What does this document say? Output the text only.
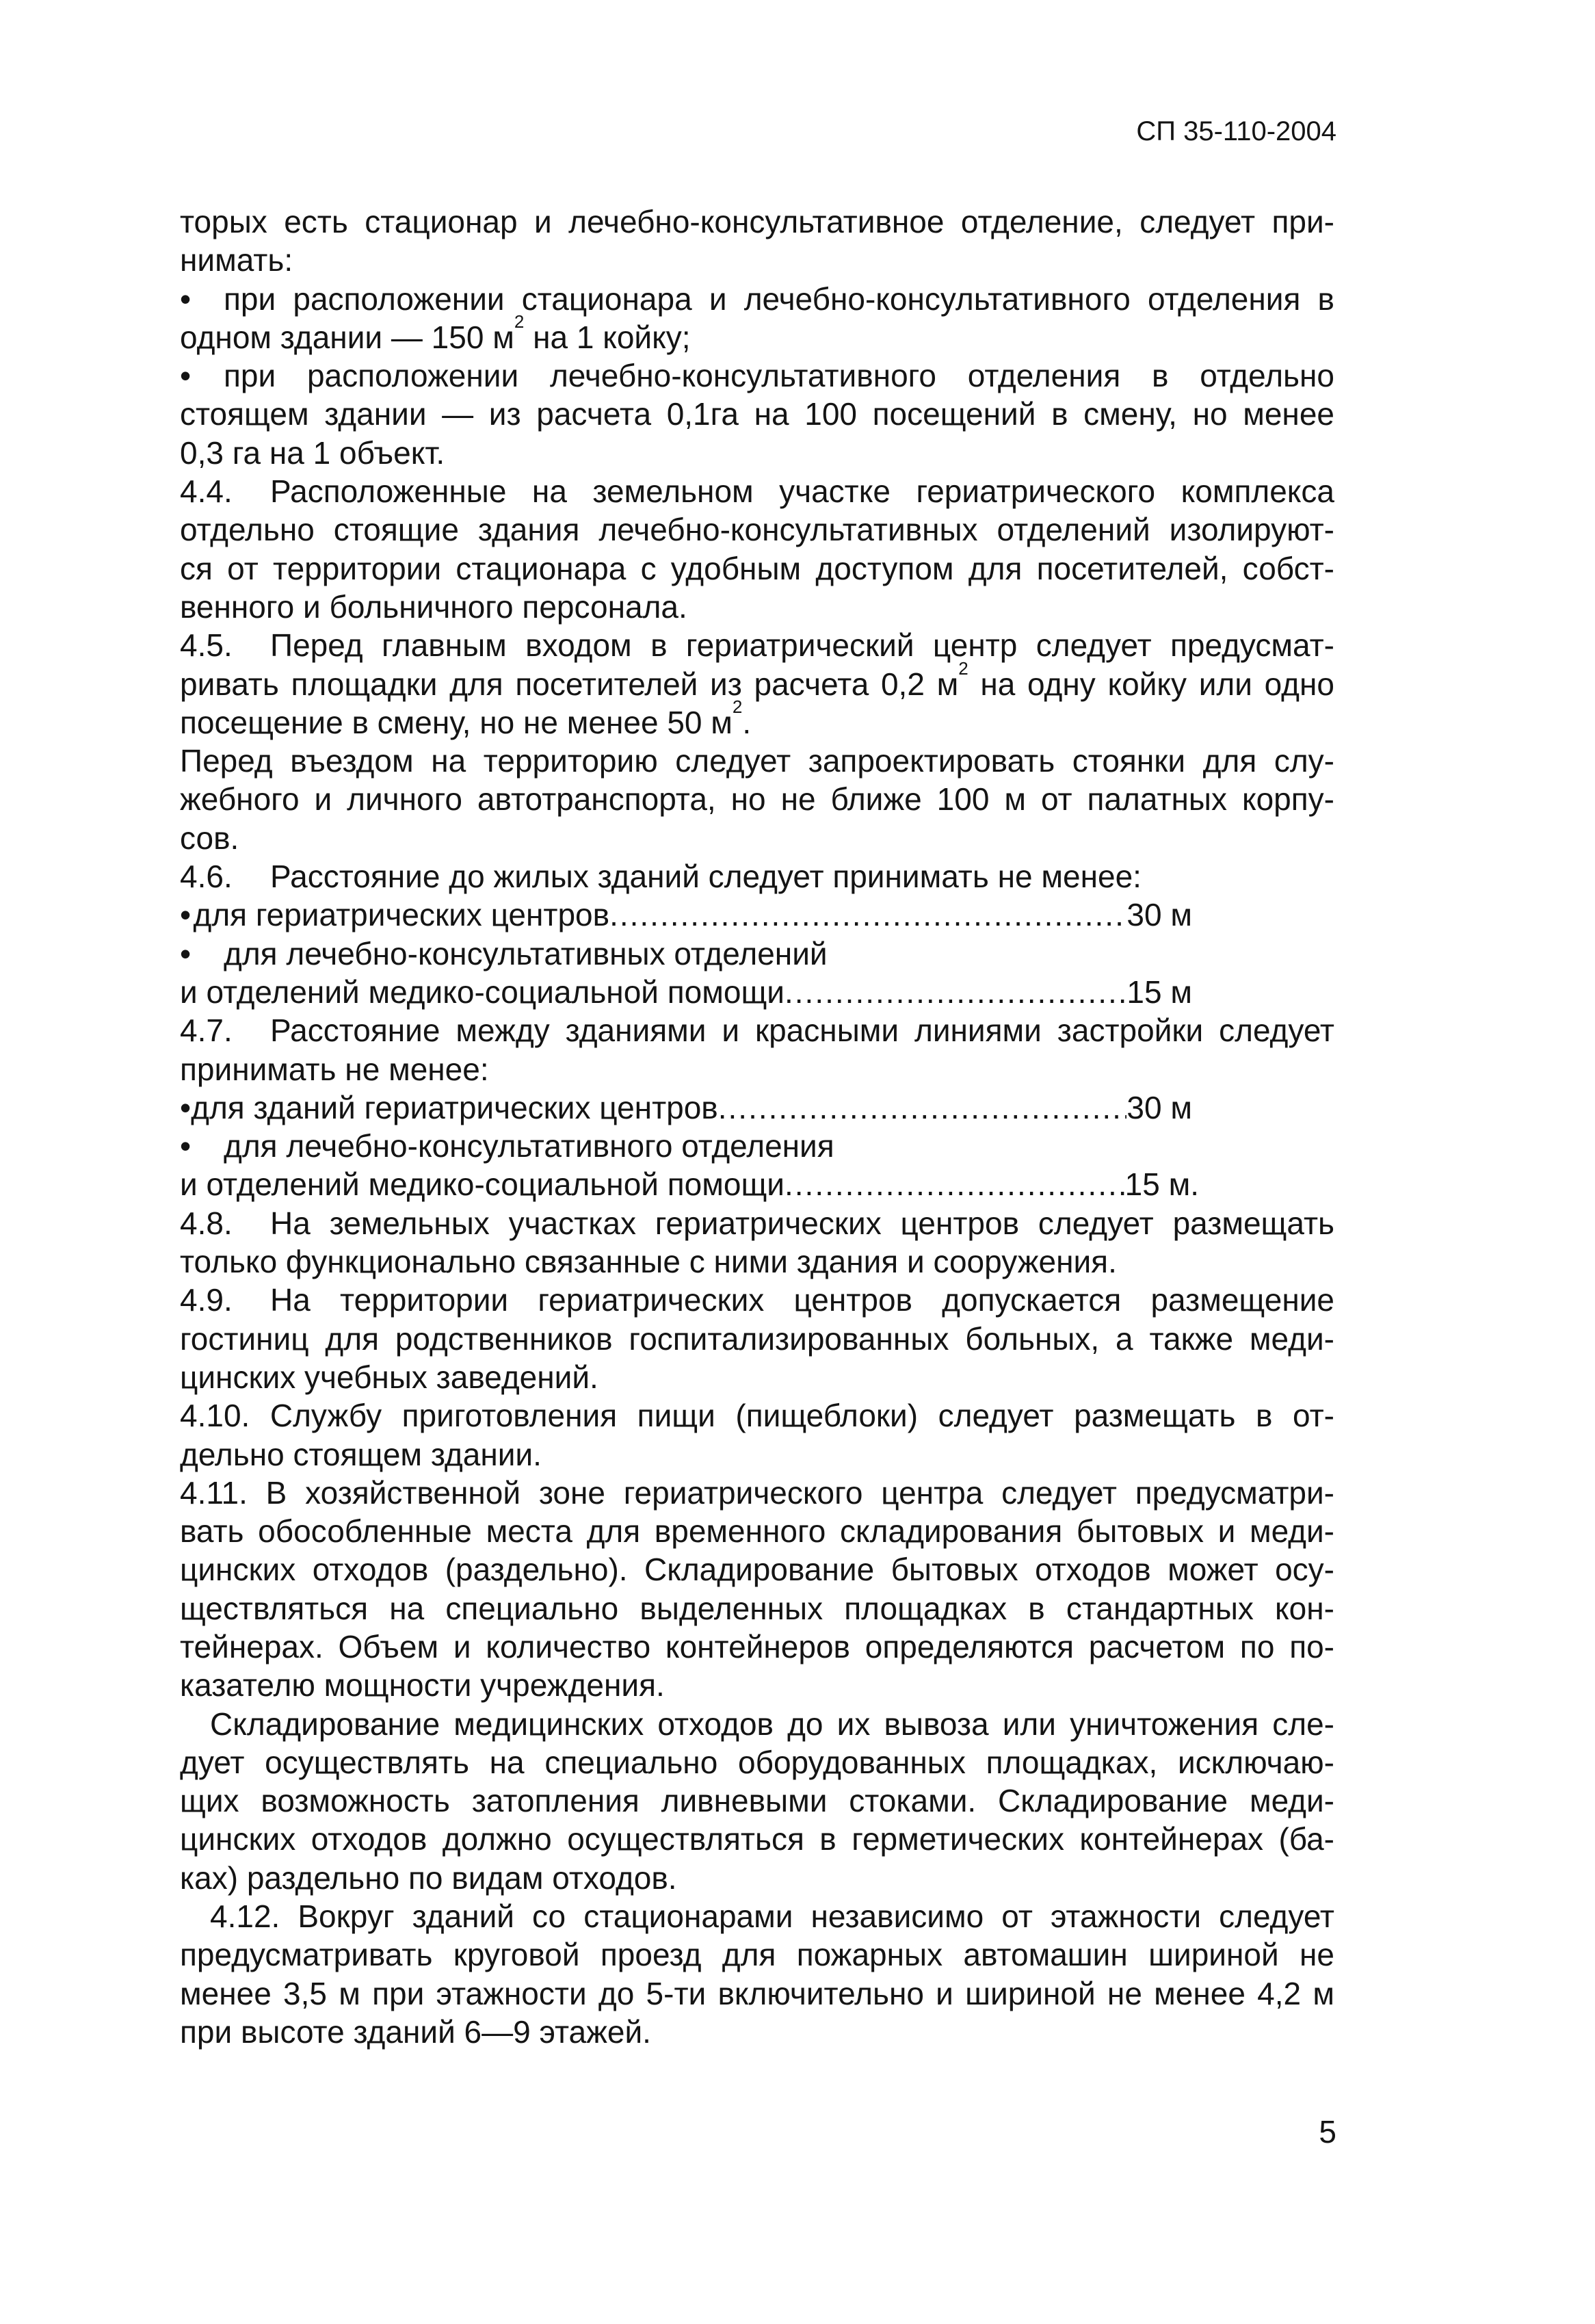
СП 35-110-2004
торых есть стационар и лечебно-консультативное отделение, следует при-
нимать:
• при расположении стационара и лечебно-консультативного отделения в
одном здании — 150 $м^2$ на 1 койку;
• при расположении лечебно-консультативного отделения в отдельно
стоящем здании — из расчета 0,1га на 100 посещений в смену, но менее
0,3 га на 1 объект.
4.4. Расположенные на земельном участке гериатрического комплекса
отдельно стоящие здания лечебно-консультативных отделений изолируют-
ся от территории стационара с удобным доступом для посетителей, собст-
венного и больничного персонала.
4.5. Перед главным входом в гериатрический центр следует предусмат-
ривать площадки для посетителей из расчета 0,2 $м^2$ на одну койку или одно
посещение в смену, но не менее 50 $м^2$.
Перед въездом на территорию следует запроектировать стоянки для слу-
жебного и личного автотранспорта, но не ближе 100 м от палатных корпу-
сов.
4.6. Расстояние до жилых зданий следует принимать не менее:
• для гериатрических центров .....	30 м
• для лечебно-консультативных отделений
и отделений медико-социальной помощи .....	15 м
4.7. Расстояние между зданиями и красными линиями застройки следует
принимать не менее:
• для зданий гериатрических центров .....	30 м
• для лечебно-консультативного отделения
и отделений медико-социальной помощи .....	15 м.
4.8. На земельных участках гериатрических центров следует размещать
только функционально связанные с ними здания и сооружения.
4.9. На территории гериатрических центров допускается размещение
гостиниц для родственников госпитализированных больных, а также меди-
цинских учебных заведений.
4.10. Службу приготовления пищи (пищеблоки) следует размещать в от-
дельно стоящем здании.
4.11. В хозяйственной зоне гериатрического центра следует предусматри-
вать обособленные места для временного складирования бытовых и меди-
цинских отходов (раздельно). Складирование бытовых отходов может осу-
ществляться на специально выделенных площадках в стандартных кон-
тейнерах. Объем и количество контейнеров определяются расчетом по по-
казателю мощности учреждения.
Складирование медицинских отходов до их вывоза или уничтожения сле-
дует осуществлять на специально оборудованных площадках, исключаю-
щих возможность затопления ливневыми стоками. Складирование меди-
цинских отходов должно осуществляться в герметических контейнерах (ба-
ках) раздельно по видам отходов.
4.12. Вокруг зданий со стационарами независимо от этажности следует
предусматривать круговой проезд для пожарных автомашин шириной не
менее 3,5 м при этажности до 5-ти включительно и шириной не менее 4,2 м
при высоте зданий 6—9 этажей.
5
